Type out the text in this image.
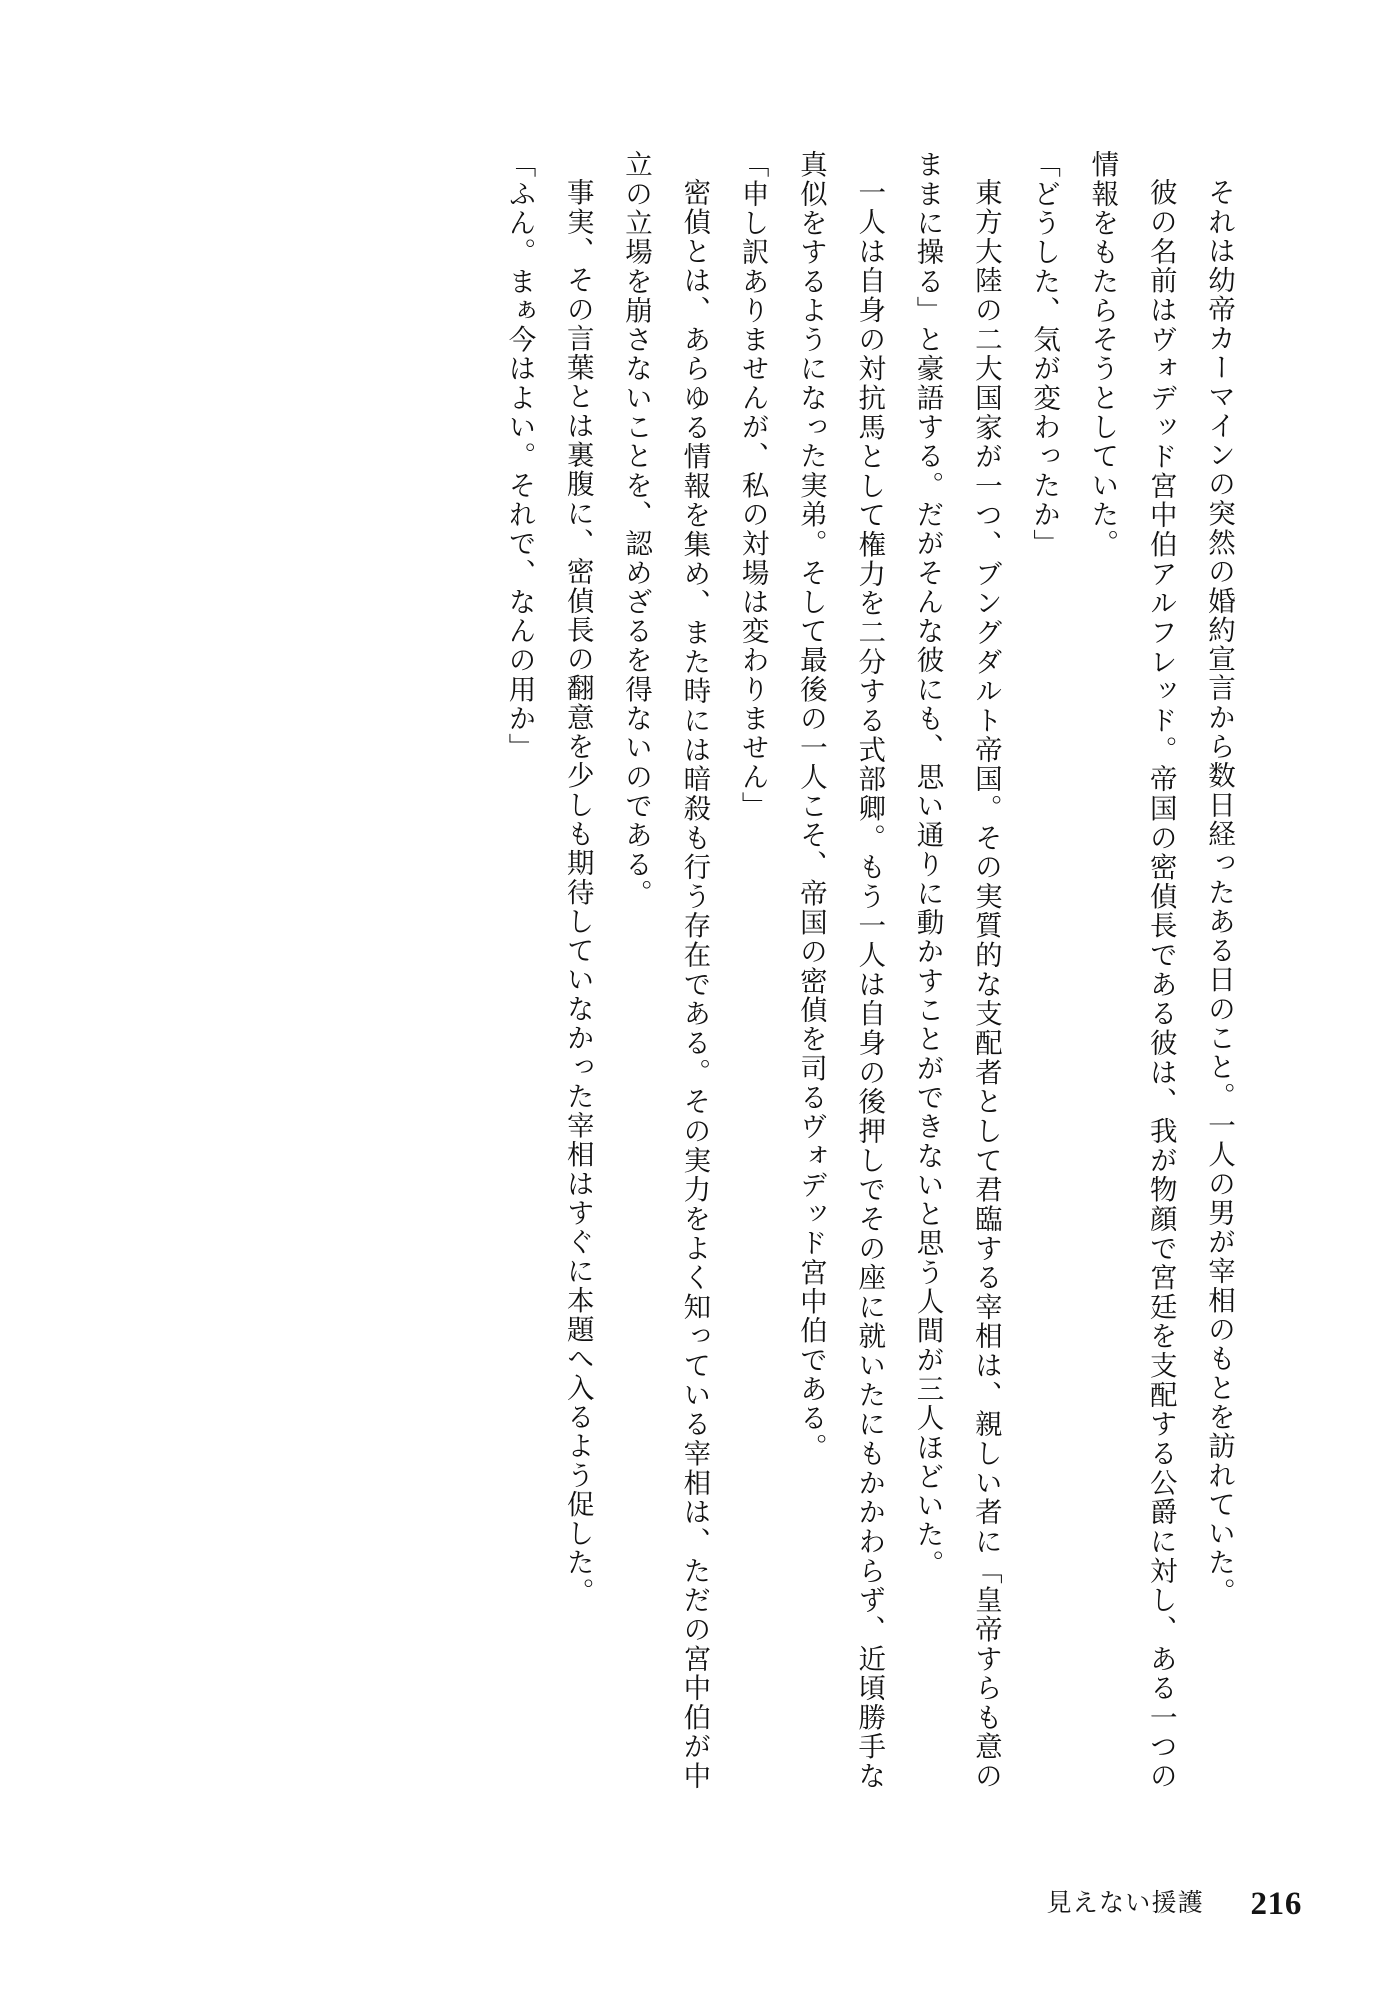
それは幼帝カーマインの突然の婚約宣言から数日経ったある日のこと。一人の男が宰相のもとを訪れていた。

彼の名前はヴォデッド宮中伯アルフレッド。帝国の密偵長である彼は、我が物顔で宮廷を支配する公爵に対し、ある一つの情報をもたらそうとしていた。

「どうした、気が変わったか」

東方大陸の二大国家が一つ、ブングダルト帝国。その実質的な支配者として君臨する宰相は、親しい者に「皇帝すらも意のままに操る」と豪語する。だがそんな彼にも、思い通りに動かすことができないと思う人間が三人ほどいた。

一人は自身の対抗馬として権力を二分する式部卿。もう一人は自身の後押しでその座に就いたにもかかわらず、近頃勝手な真似をするようになった実弟。そして最後の一人こそ、帝国の密偵を司るヴォデッド宮中伯である。

「申し訳ありませんが、私の対場は変わりません」

密偵とは、あらゆる情報を集め、また時には暗殺も行う存在である。その実力をよく知っている宰相は、ただの宮中伯が中立の立場を崩さないことを、認めざるを得ないのである。

事実、その言葉とは裏腹に、密偵長の翻意を少しも期待していなかった宰相はすぐに本題へ入るよう促した。

「ふん。まぁ今はよい。それで、なんの用か」

見えない援護 216
